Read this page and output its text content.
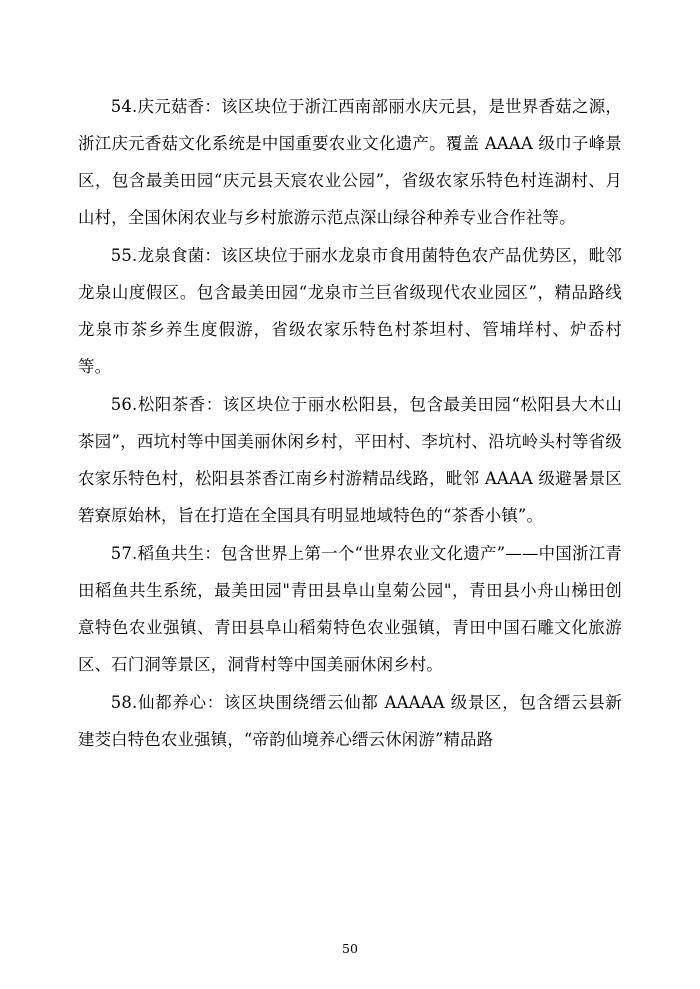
54.庆元菇香：该区块位于浙江西南部丽水庆元县，是世界香菇之源，浙江庆元香菇文化系统是中国重要农业文化遗产。覆盖 AAAA 级巾子峰景区，包含最美田园“庆元县天宸农业公园”，省级农家乐特色村连湖村、月山村，全国休闲农业与乡村旅游示范点深山绿谷种养专业合作社等。

55.龙泉食菌：该区块位于丽水龙泉市食用菌特色农产品优势区，毗邻龙泉山度假区。包含最美田园“龙泉市兰巨省级现代农业园区”，精品路线龙泉市茶乡养生度假游，省级农家乐特色村茶坦村、管埔垟村、炉岙村等。

56.松阳茶香：该区块位于丽水松阳县，包含最美田园“松阳县大木山茶园”，西坑村等中国美丽休闲乡村，平田村、李坑村、沿坑岭头村等省级农家乐特色村，松阳县茶香江南乡村游精品线路，毗邻 AAAA 级避暑景区箬寮原始林，旨在打造在全国具有明显地域特色的“茶香小镇”。

57.稻鱼共生：包含世界上第一个“世界农业文化遗产”——中国浙江青田稻鱼共生系统，最美田园"青田县阜山皇菊公园"，青田县小舟山梯田创意特色农业强镇、青田县阜山稻菊特色农业强镇，青田中国石雕文化旅游区、石门洞等景区，洞背村等中国美丽休闲乡村。

58.仙都养心：该区块围绕缙云仙都 AAAAA 级景区，包含缙云县新建茭白特色农业强镇，“帝韵仙境养心缙云休闲游”精品路

50
